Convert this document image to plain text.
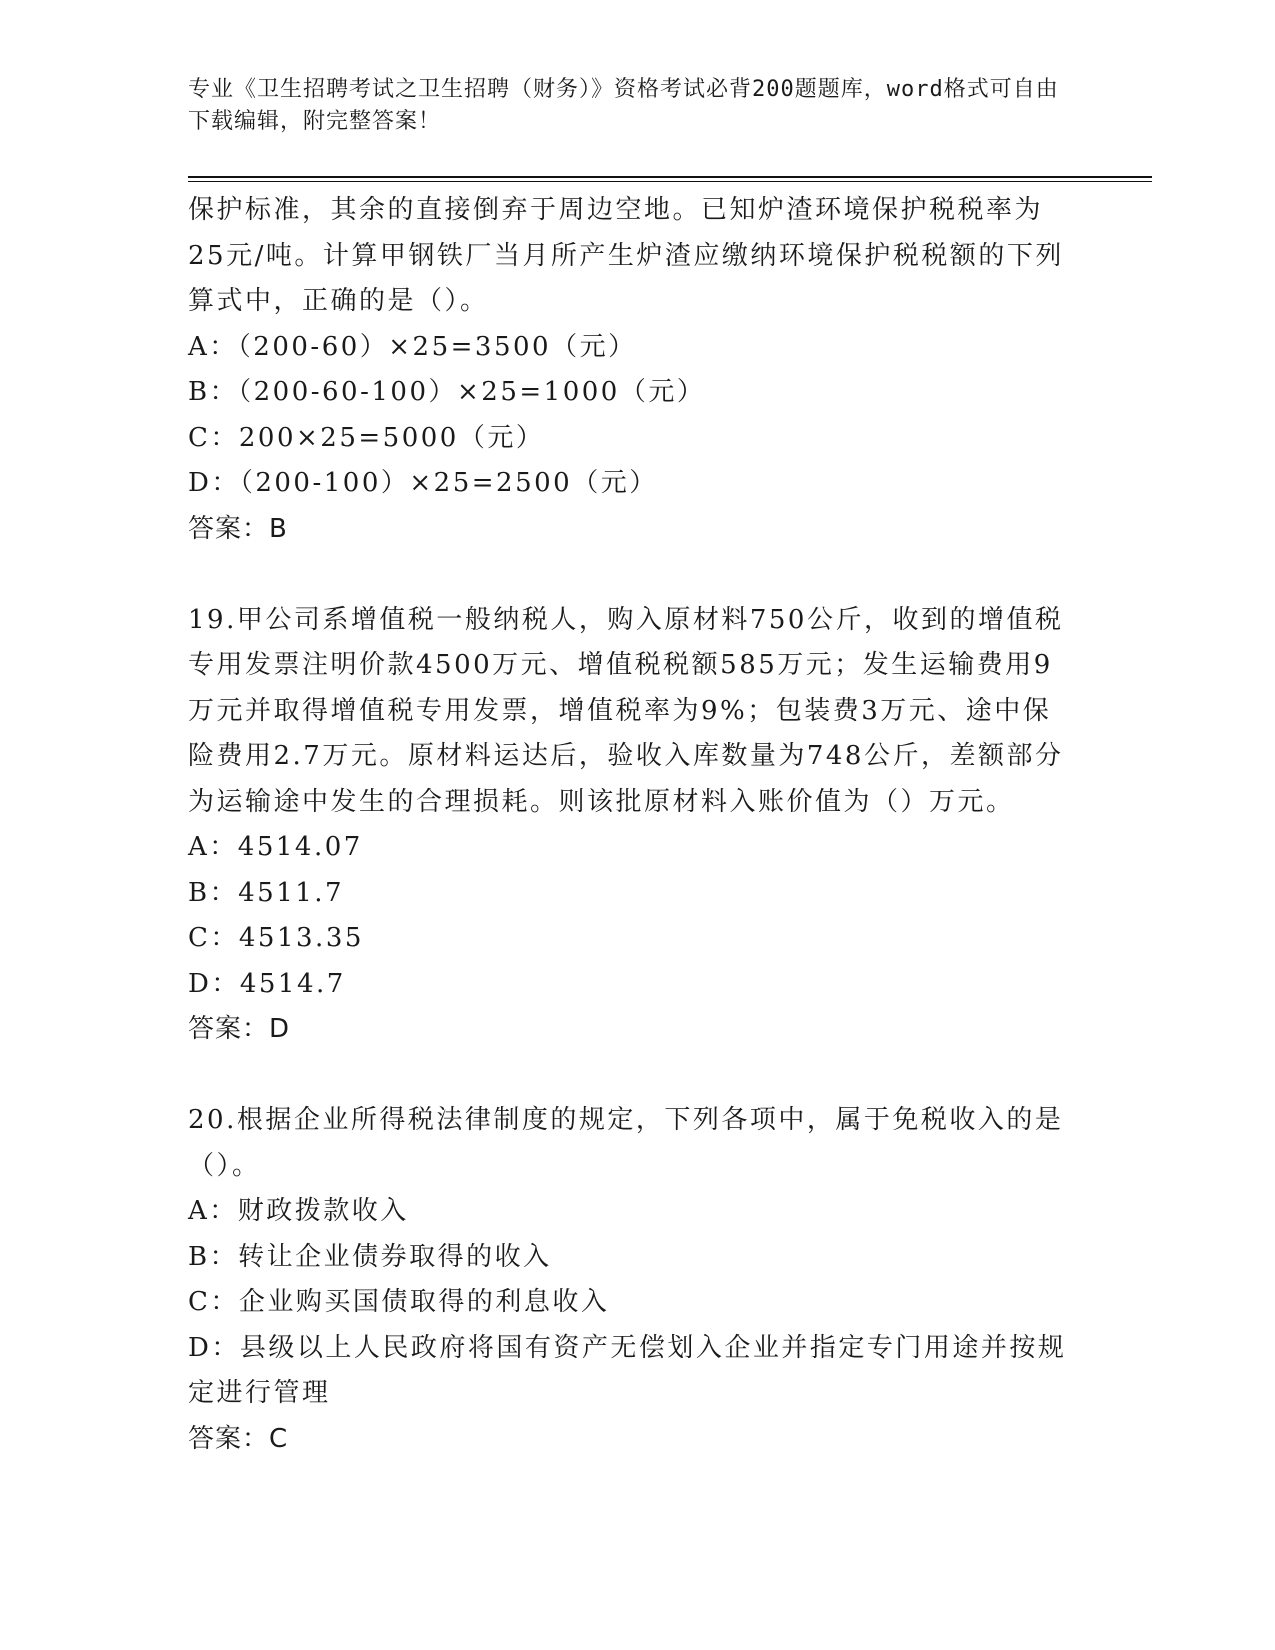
专业《卫生招聘考试之卫生招聘（财务）》资格考试必背200题题库，word格式可自由下载编辑，附完整答案！

保护标准，其余的直接倒弃于周边空地。已知炉渣环境保护税税率为25元/吨。计算甲钢铁厂当月所产生炉渣应缴纳环境保护税税额的下列算式中，正确的是（）。

A：（200-60）×25=3500（元）
B：（200-60-100）×25=1000（元）
C：200×25=5000（元）
D：（200-100）×25=2500（元）
答案：B

19.甲公司系增值税一般纳税人，购入原材料750公斤，收到的增值税专用发票注明价款4500万元、增值税税额585万元；发生运输费用9万元并取得增值税专用发票，增值税率为9%；包装费3万元、途中保险费用2.7万元。原材料运达后，验收入库数量为748公斤，差额部分为运输途中发生的合理损耗。则该批原材料入账价值为（）万元。

A：4514.07
B：4511.7
C：4513.35
D：4514.7
答案：D

20.根据企业所得税法律制度的规定，下列各项中，属于免税收入的是（）。

A：财政拨款收入
B：转让企业债券取得的收入
C：企业购买国债取得的利息收入
D：县级以上人民政府将国有资产无偿划入企业并指定专门用途并按规定进行管理
答案：C
